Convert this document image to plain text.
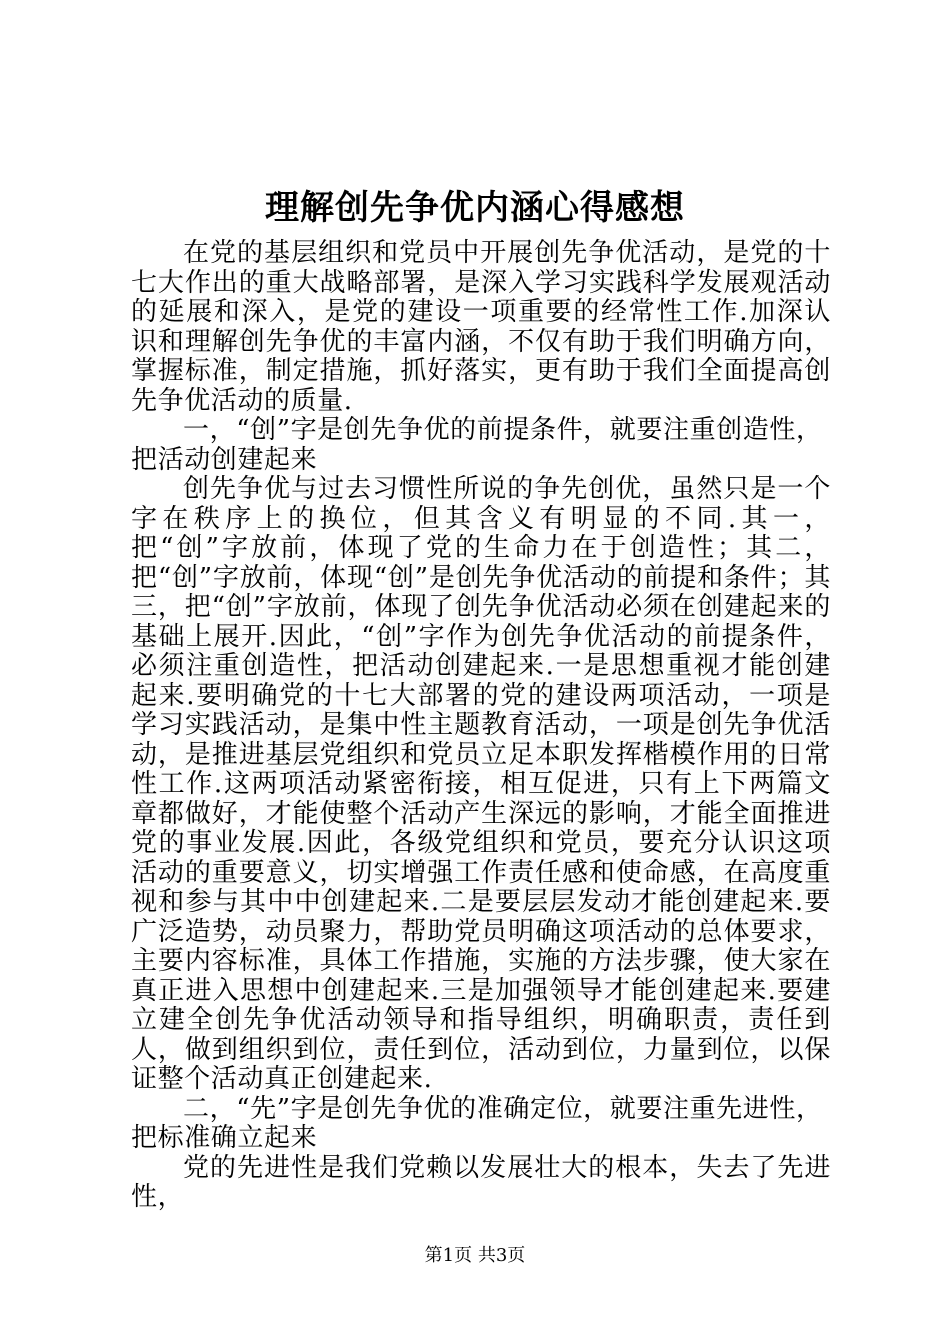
理解创先争优内涵心得感想

在党的基层组织和党员中开展创先争优活动，是党的十七大作出的重大战略部署，是深入学习实践科学发展观活动的延展和深入，是党的建设一项重要的经常性工作.加深认识和理解创先争优的丰富内涵，不仅有助于我们明确方向，掌握标准，制定措施，抓好落实，更有助于我们全面提高创先争优活动的质量.

一，“创”字是创先争优的前提条件，就要注重创造性，把活动创建起来

创先争优与过去习惯性所说的争先创优，虽然只是一个字在秩序上的换位，但其含义有明显的不同.其一，把“创”字放前，体现了党的生命力在于创造性；其二，把“创”字放前，体现“创”是创先争优活动的前提和条件；其三，把“创”字放前，体现了创先争优活动必须在创建起来的基础上展开.因此，“创”字作为创先争优活动的前提条件，必须注重创造性，把活动创建起来.一是思想重视才能创建起来.要明确党的十七大部署的党的建设两项活动，一项是学习实践活动，是集中性主题教育活动，一项是创先争优活动，是推进基层党组织和党员立足本职发挥楷模作用的日常性工作.这两项活动紧密衔接，相互促进，只有上下两篇文章都做好，才能使整个活动产生深远的影响，才能全面推进党的事业发展.因此，各级党组织和党员，要充分认识这项活动的重要意义，切实增强工作责任感和使命感，在高度重视和参与其中中创建起来.二是要层层发动才能创建起来.要广泛造势，动员聚力，帮助党员明确这项活动的总体要求，主要内容标准，具体工作措施，实施的方法步骤，使大家在真正进入思想中创建起来.三是加强领导才能创建起来.要建立建全创先争优活动领导和指导组织，明确职责，责任到人，做到组织到位，责任到位，活动到位，力量到位，以保证整个活动真正创建起来.

二，“先”字是创先争优的准确定位，就要注重先进性，把标准确立起来

党的先进性是我们党赖以发展壮大的根本，失去了先进性，

第1页 共3页
